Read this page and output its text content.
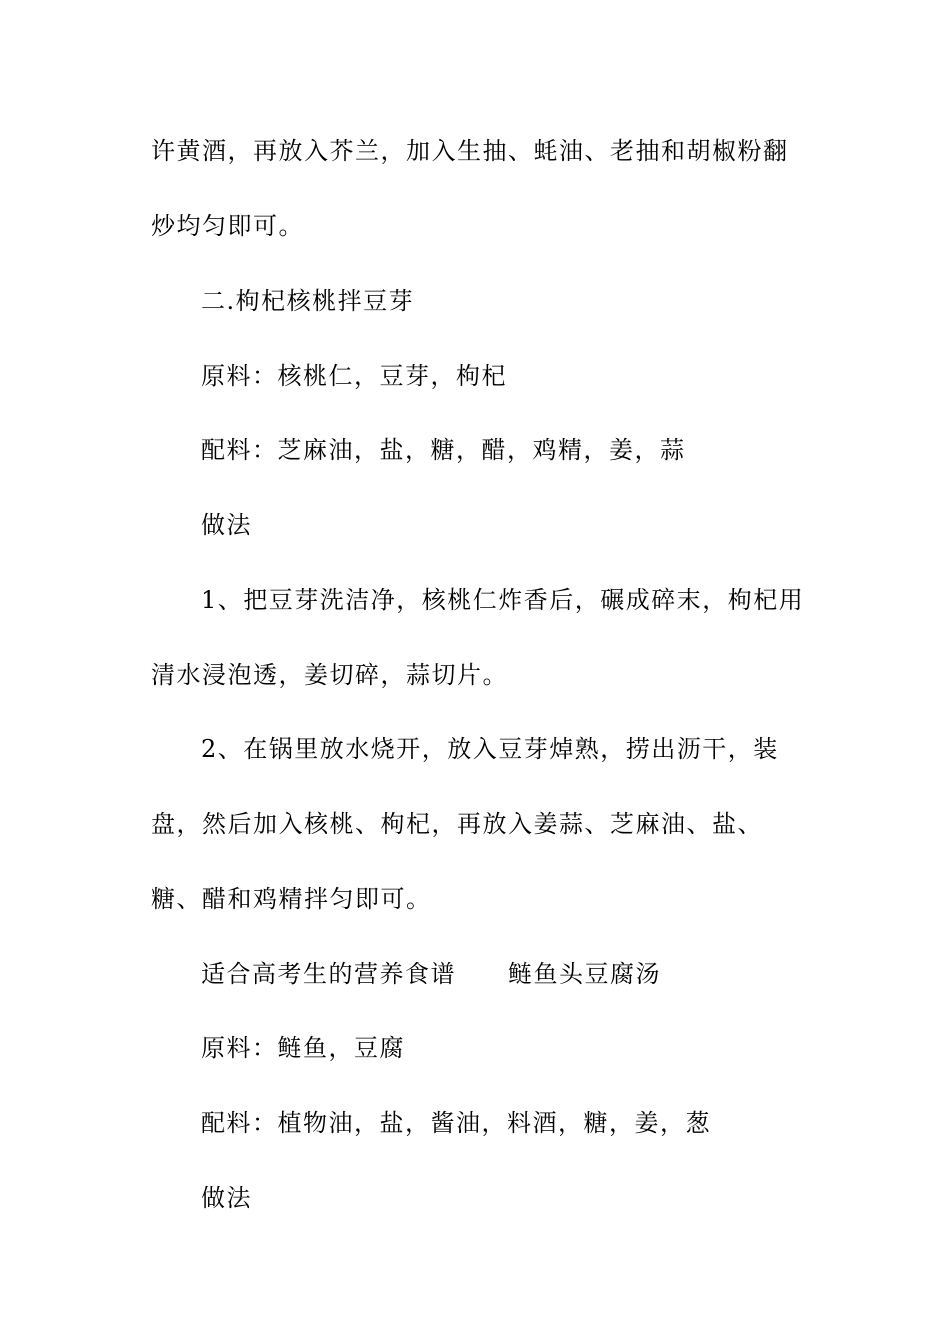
许黄酒，再放入芥兰，加入生抽、蚝油、老抽和胡椒粉翻
炒均匀即可。
二.枸杞核桃拌豆芽
原料：核桃仁，豆芽，枸杞
配料：芝麻油，盐，糖，醋，鸡精，姜，蒜
做法
1、把豆芽洗洁净，核桃仁炸香后，碾成碎末，枸杞用
清水浸泡透，姜切碎，蒜切片。
2、在锅里放水烧开，放入豆芽焯熟，捞出沥干，装
盘，然后加入核桃、枸杞，再放入姜蒜、芝麻油、盐、
糖、醋和鸡精拌匀即可。
适合高考生的营养食谱 鲢鱼头豆腐汤
原料：鲢鱼，豆腐
配料：植物油，盐，酱油，料酒，糖，姜，葱
做法
